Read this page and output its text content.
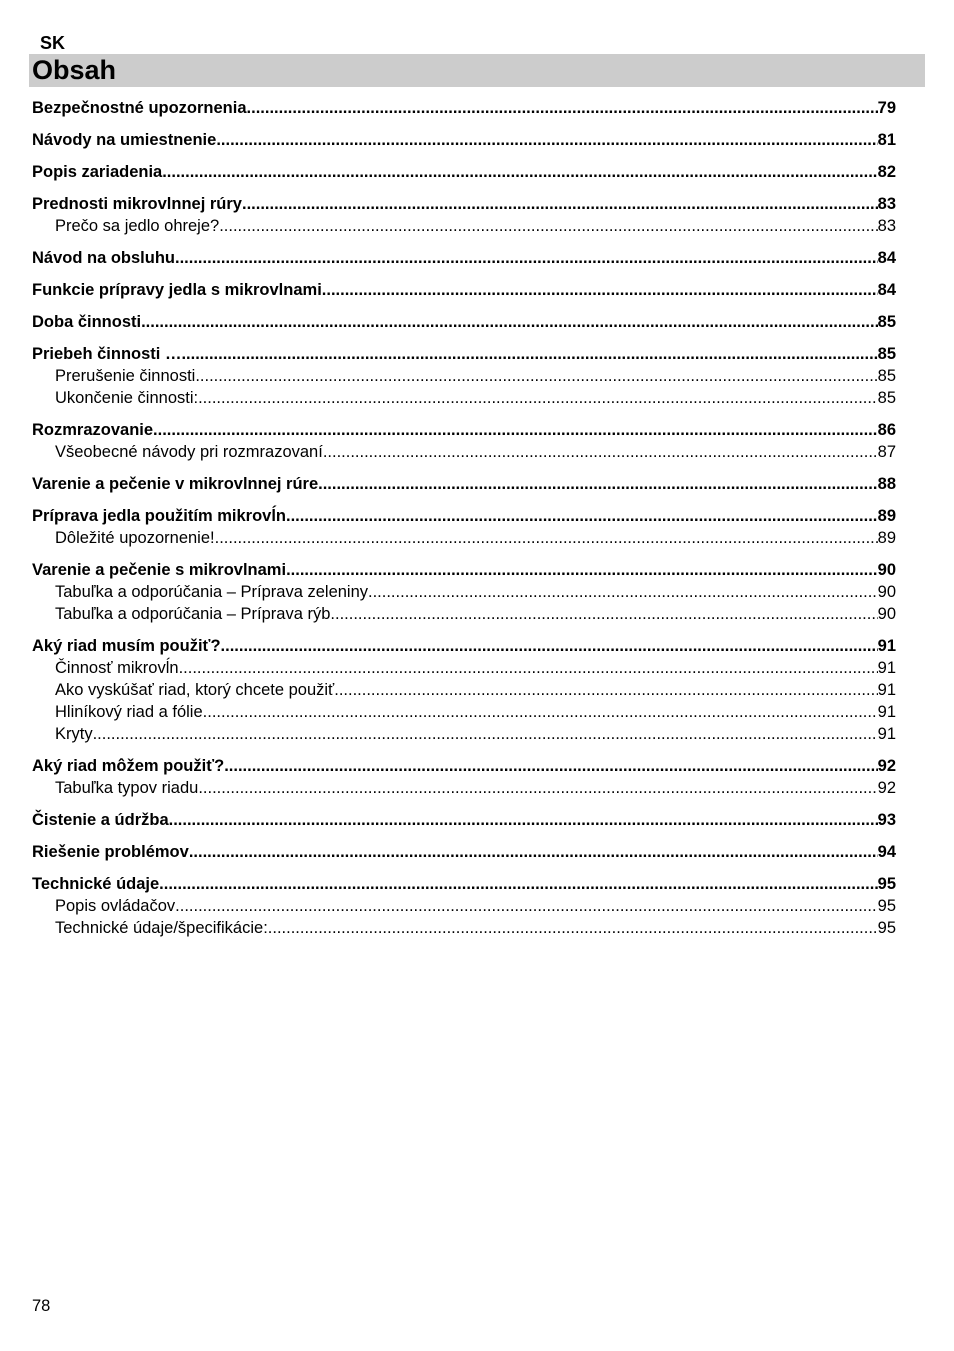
SK
Obsah
Bezpečnostné upozornenia .....	79
Návody na umiestnenie .....	81
Popis zariadenia .....	82
Prednosti mikrovlnnej rúry .....	83
Prečo sa jedlo ohreje? .....	83
Návod na obsluhu .....	84
Funkcie prípravy jedla s mikrovlnami .....	84
Doba činnosti .....	85
Priebeh činnosti … .....	85
Prerušenie činnosti .....	85
Ukončenie činnosti: .....	85
Rozmrazovanie .....	86
Všeobecné návody pri rozmrazovaní .....	87
Varenie a pečenie v mikrovlnnej rúre .....	88
Príprava jedla použitím mikrovĺn .....	89
Dôležité upozornenie! .....	89
Varenie a pečenie s mikrovlnami .....	90
Tabuľka a odporúčania – Príprava zeleniny .....	90
Tabuľka a odporúčania – Príprava rýb .....	90
Aký riad musím použiť? .....	91
Činnosť mikrovĺn .....	91
Ako vyskúšať riad, ktorý chcete použiť .....	91
Hliníkový riad a fólie .....	91
Kryty .....	91
Aký riad môžem použiť? .....	92
Tabuľka typov riadu .....	92
Čistenie a údržba .....	93
Riešenie problémov .....	94
Technické údaje .....	95
Popis ovládačov .....	95
Technické údaje/špecifikácie: .....	95
78
